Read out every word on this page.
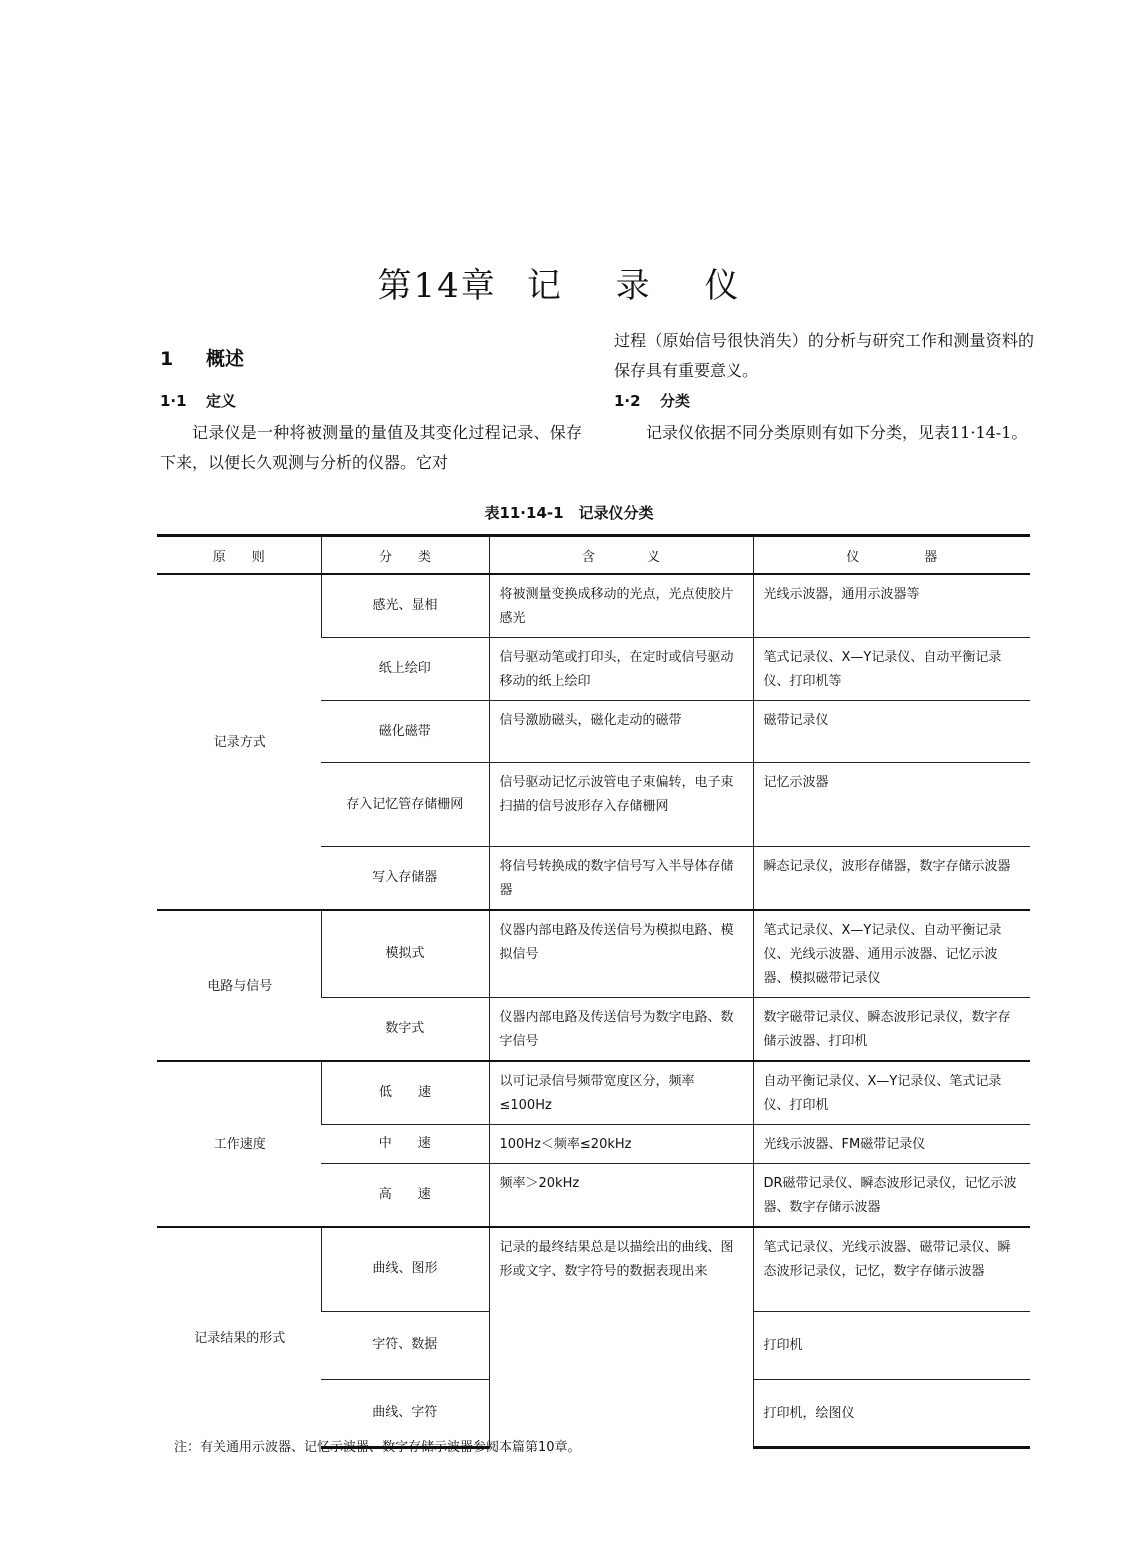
第14章 记 录 仪
1 概述
1·1 定义
记录仪是一种将被测量的量值及其变化过程记录、保存下来，以便长久观测与分析的仪器。它对
过程（原始信号很快消失）的分析与研究工作和测量资料的保存具有重要意义。
1·2 分类
记录仪依据不同分类原则有如下分类，见表11·14-1。
表11·14-1　记录仪分类
原　　则	分　　类	含　　　　义	仪　　　　　器
记录方式	感光、显相	将被测量变换成移动的光点，光点使胶片感光	光线示波器，通用示波器等
	纸上绘印	信号驱动笔或打印头，在定时或信号驱动移动的纸上绘印	笔式记录仪、X—Y记录仪、自动平衡记录仪、打印机等
	磁化磁带	信号激励磁头，磁化走动的磁带	磁带记录仪
	存入记忆管存储栅网	信号驱动记忆示波管电子束偏转，电子束扫描的信号波形存入存储栅网	记忆示波器
	写入存储器	将信号转换成的数字信号写入半导体存储器	瞬态记录仪，波形存储器，数字存储示波器
电路与信号	模拟式	仪器内部电路及传送信号为模拟电路、模拟信号	笔式记录仪、X—Y记录仪、自动平衡记录仪、光线示波器、通用示波器、记忆示波器、模拟磁带记录仪
	数字式	仪器内部电路及传送信号为数字电路、数字信号	数字磁带记录仪、瞬态波形记录仪，数字存储示波器、打印机
工作速度	低　　速	以可记录信号频带宽度区分，频率≤100Hz	自动平衡记录仪、X—Y记录仪、笔式记录仪、打印机
	中　　速	100Hz＜频率≤20kHz	光线示波器、FM磁带记录仪
	高　　速	频率＞20kHz	DR磁带记录仪、瞬态波形记录仪，记忆示波器、数字存储示波器
记录结果的形式	曲线、图形	记录的最终结果总是以描绘出的曲线、图形或文字、数字符号的数据表现出来	笔式记录仪、光线示波器、磁带记录仪、瞬态波形记录仪，记忆，数字存储示波器
	字符、数据		打印机
	曲线、字符		打印机，绘图仪
注：有关通用示波器、记忆示波器、数字存储示波器参阅本篇第10章。
